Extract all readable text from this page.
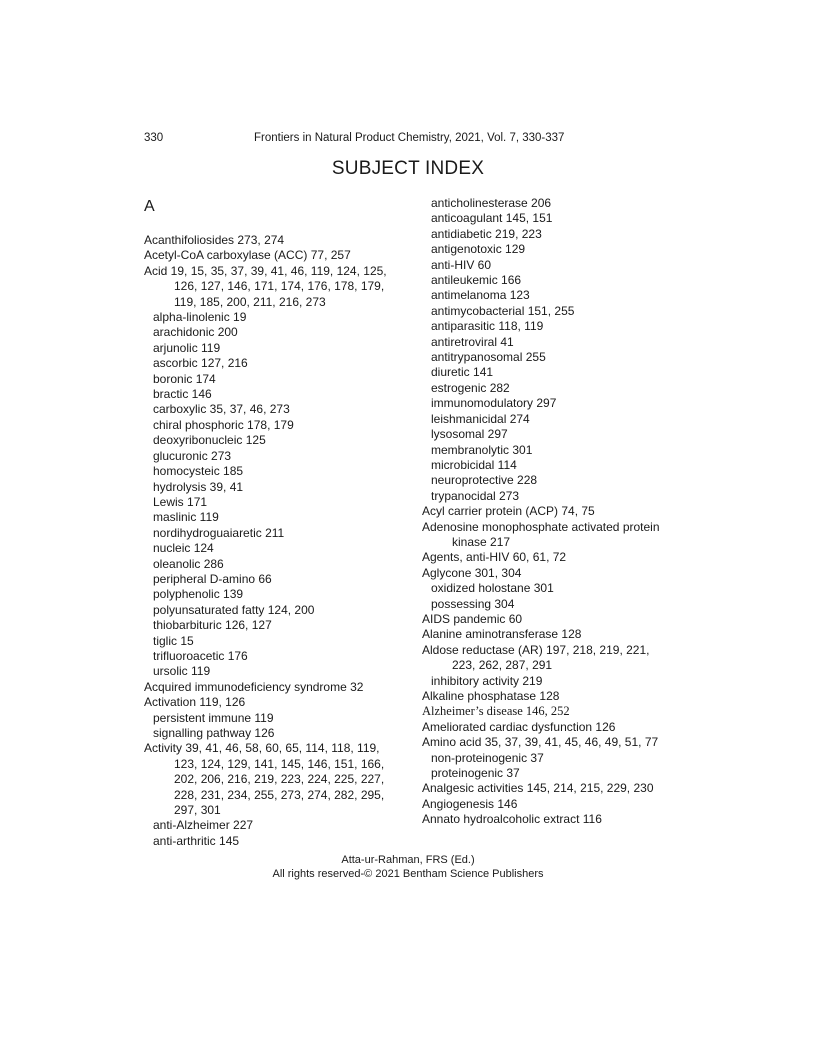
330	Frontiers in Natural Product Chemistry, 2021, Vol. 7, 330-337
SUBJECT INDEX
A
Acanthifoliosides 273, 274
Acetyl-CoA carboxylase (ACC) 77, 257
Acid 19, 15, 35, 37, 39, 41, 46, 119, 124, 125,
126, 127, 146, 171, 174, 176, 178, 179,
119, 185, 200, 211, 216, 273
alpha-linolenic 19
arachidonic 200
arjunolic 119
ascorbic 127, 216
boronic 174
bractic 146
carboxylic 35, 37, 46, 273
chiral phosphoric 178, 179
deoxyribonucleic 125
glucuronic 273
homocysteic 185
hydrolysis 39, 41
Lewis 171
maslinic 119
nordihydroguaiaretic 211
nucleic 124
oleanolic 286
peripheral D-amino 66
polyphenolic 139
polyunsaturated fatty 124, 200
thiobarbituric 126, 127
tiglic 15
trifluoroacetic 176
ursolic 119
Acquired immunodeficiency syndrome 32
Activation 119, 126
persistent immune 119
signalling pathway 126
Activity 39, 41, 46, 58, 60, 65, 114, 118, 119,
123, 124, 129, 141, 145, 146, 151, 166,
202, 206, 216, 219, 223, 224, 225, 227,
228, 231, 234, 255, 273, 274, 282, 295,
297, 301
anti-Alzheimer 227
anti-arthritic 145
anticholinesterase 206
anticoagulant 145, 151
antidiabetic 219, 223
antigenotoxic 129
anti-HIV 60
antileukemic 166
antimelanoma 123
antimycobacterial 151, 255
antiparasitic 118, 119
antiretroviral 41
antitrypanosomal 255
diuretic 141
estrogenic 282
immunomodulatory 297
leishmanicidal 274
lysosomal 297
membranolytic 301
microbicidal 114
neuroprotective 228
trypanocidal 273
Acyl carrier protein (ACP) 74, 75
Adenosine monophosphate activated protein
kinase 217
Agents, anti-HIV 60, 61, 72
Aglycone 301, 304
oxidized holostane 301
possessing 304
AIDS pandemic 60
Alanine aminotransferase 128
Aldose reductase (AR) 197, 218, 219, 221,
223, 262, 287, 291
inhibitory activity 219
Alkaline phosphatase 128
Alzheimer’s disease 146, 252
Ameliorated cardiac dysfunction 126
Amino acid 35, 37, 39, 41, 45, 46, 49, 51, 77
non-proteinogenic 37
proteinogenic 37
Analgesic activities 145, 214, 215, 229, 230
Angiogenesis 146
Annato hydroalcoholic extract 116
Atta-ur-Rahman, FRS (Ed.)
All rights reserved-© 2021 Bentham Science Publishers
